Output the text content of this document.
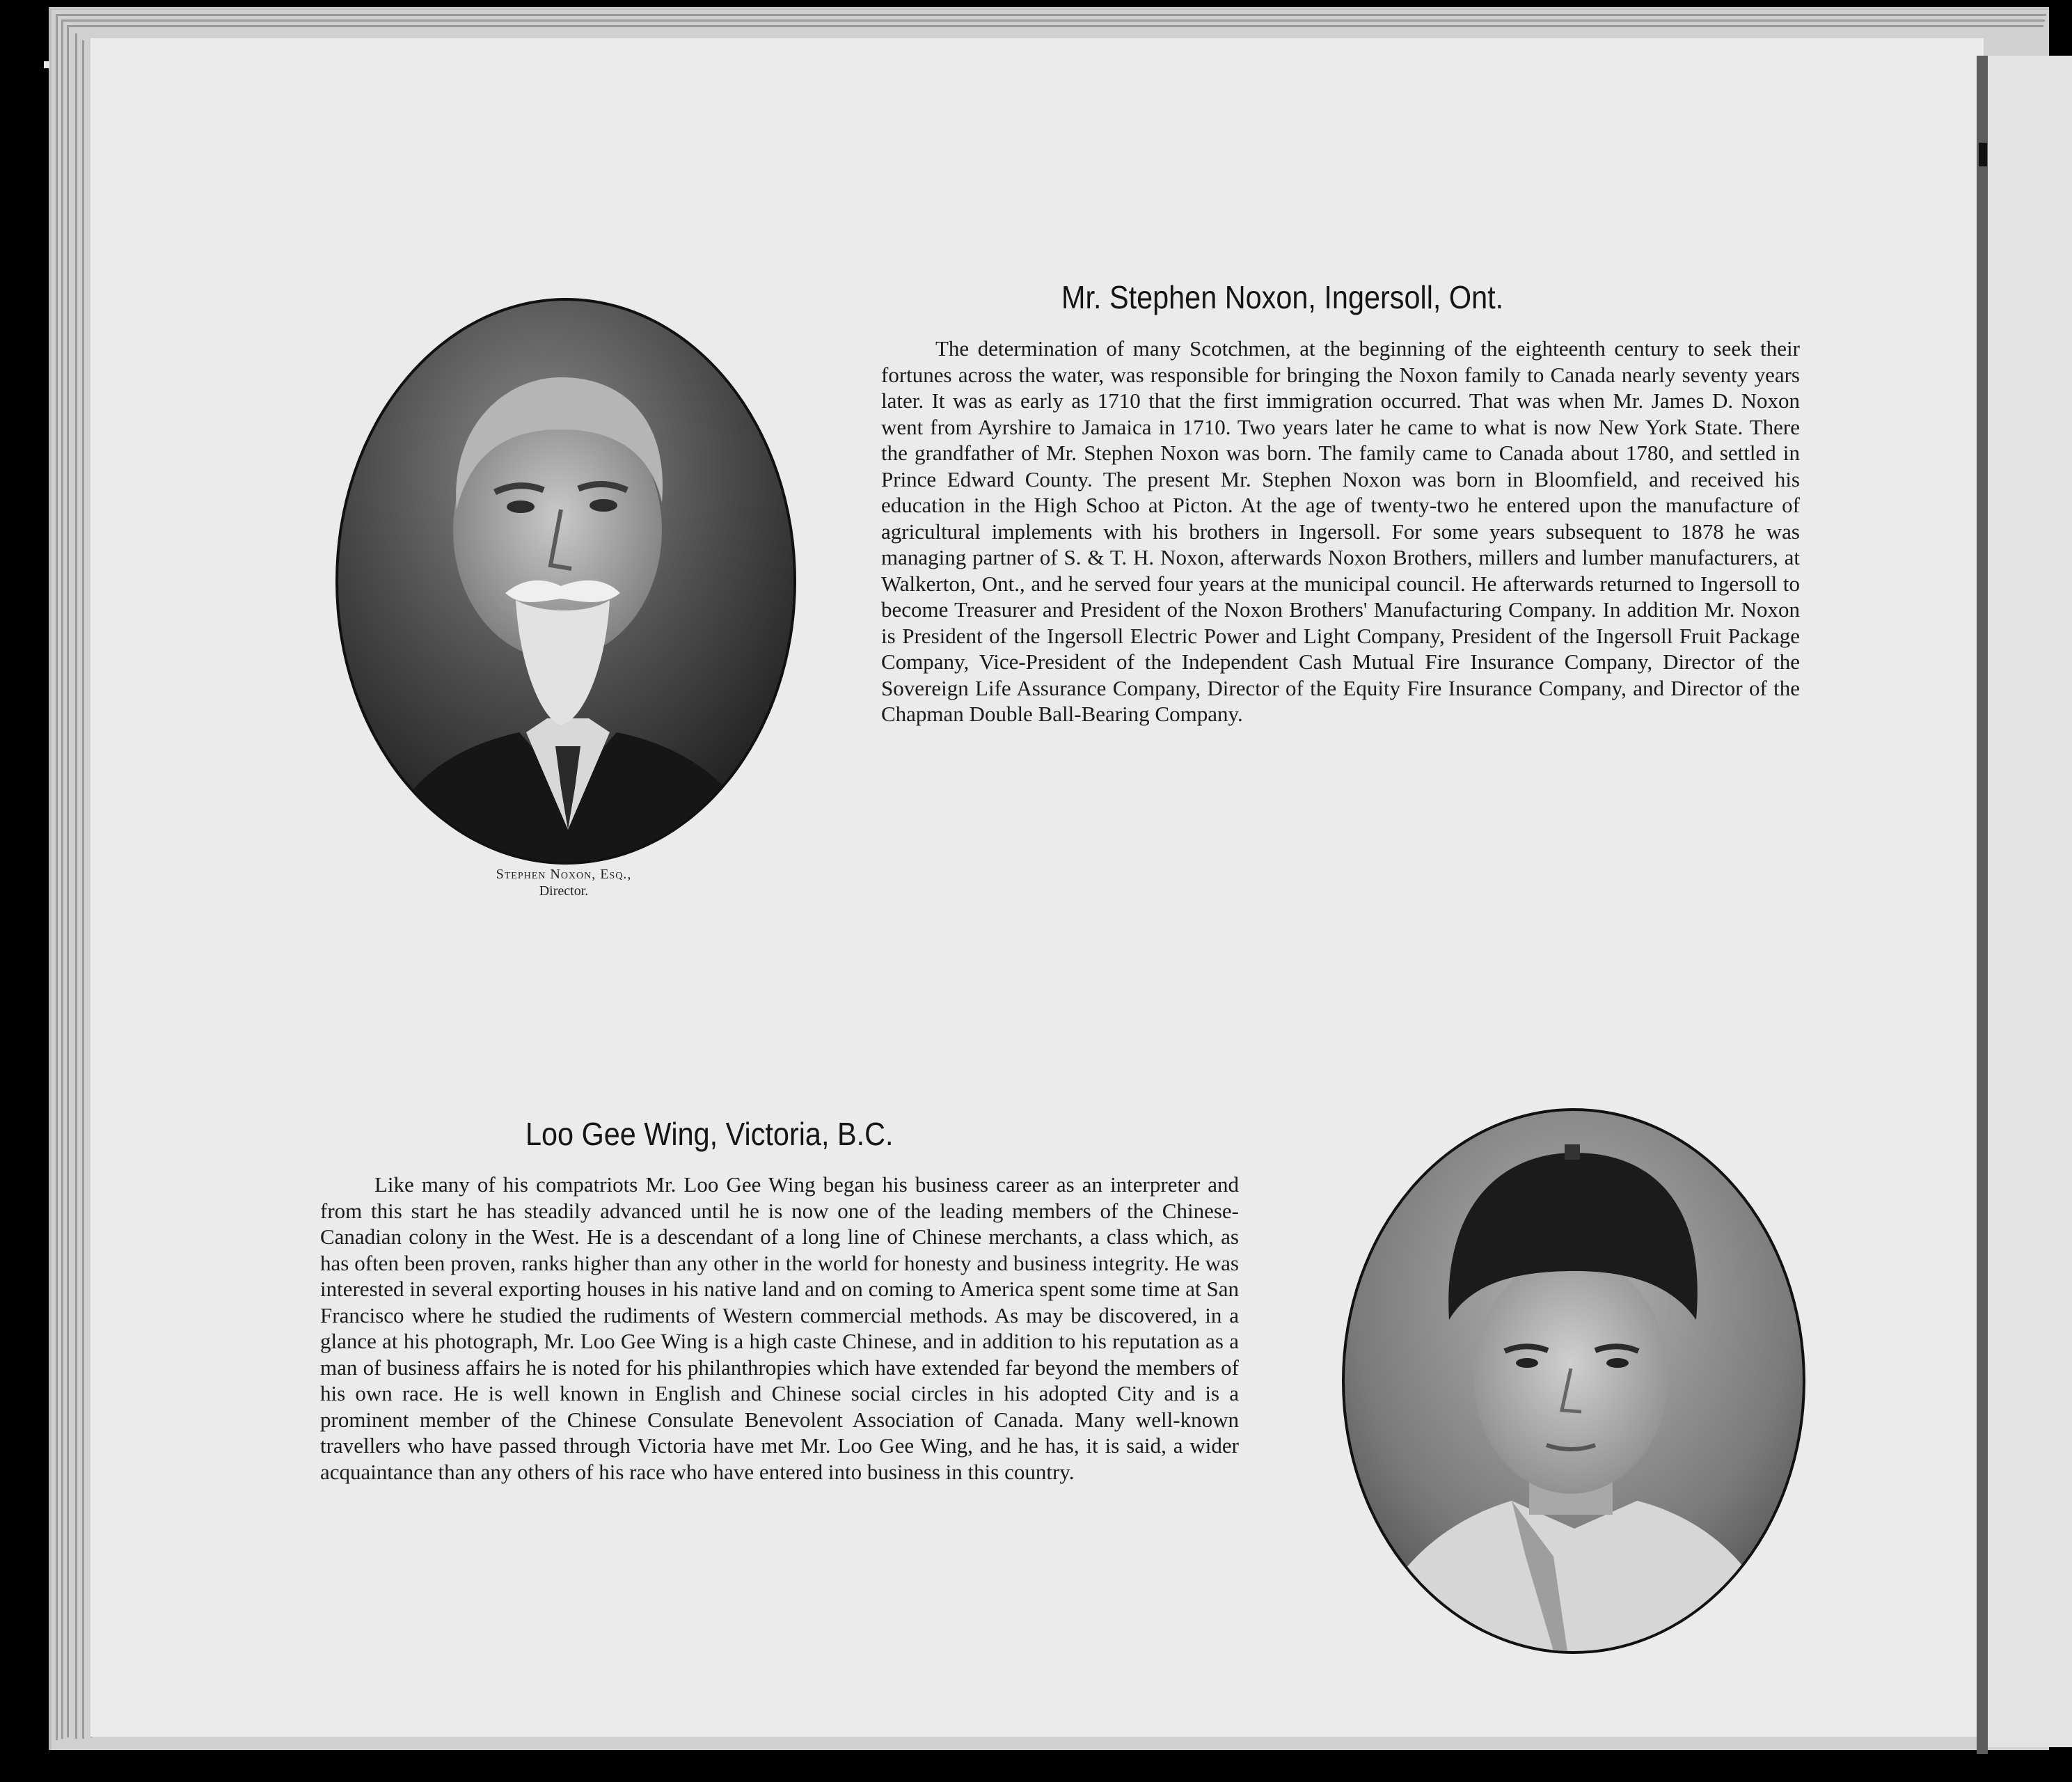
Stephen Noxon, Esq.,
Director.
Mr. Stephen Noxon, Ingersoll, Ont.

The determination of many Scotchmen, at the beginning of the eighteenth century to seek their fortunes across the water, was responsible for bringing the Noxon family to Canada nearly seventy years later. It was as early as 1710 that the first immigration occurred. That was when Mr. James D. Noxon went from Ayrshire to Jamaica in 1710. Two years later he came to what is now New York State. There the grandfather of Mr. Stephen Noxon was born. The family came to Canada about 1780, and settled in Prince Edward County. The present Mr. Stephen Noxon was born in Bloomfield, and received his education in the High Schoo at Picton. At the age of twenty-two he entered upon the manufacture of agricultural implements with his brothers in Ingersoll. For some years subsequent to 1878 he was managing partner of S. & T. H. Noxon, afterwards Noxon Brothers, millers and lumber manufacturers, at Walkerton, Ont., and he served four years at the municipal council. He afterwards returned to Ingersoll to become Treasurer and President of the Noxon Brothers' Manufacturing Company. In addition Mr. Noxon is President of the Ingersoll Electric Power and Light Company, President of the Ingersoll Fruit Package Company, Vice-President of the Independent Cash Mutual Fire Insurance Company, Director of the Sovereign Life Assurance Company, Director of the Equity Fire Insurance Company, and Director of the Chapman Double Ball-Bearing Company.

Loo Gee Wing, Victoria, B.C.

Like many of his compatriots Mr. Loo Gee Wing began his business career as an interpreter and from this start he has steadily advanced until he is now one of the leading members of the Chinese-Canadian colony in the West. He is a descendant of a long line of Chinese merchants, a class which, as has often been proven, ranks higher than any other in the world for honesty and business integrity. He was interested in several exporting houses in his native land and on coming to America spent some time at San Francisco where he studied the rudiments of Western commercial methods. As may be discovered, in a glance at his photograph, Mr. Loo Gee Wing is a high caste Chinese, and in addition to his reputation as a man of business affairs he is noted for his philanthropies which have extended far beyond the members of his own race. He is well known in English and Chinese social circles in his adopted City and is a prominent member of the Chinese Consulate Benevolent Association of Canada. Many well-known travellers who have passed through Victoria have met Mr. Loo Gee Wing, and he has, it is said, a wider acquaintance than any others of his race who have entered into business in this country.
